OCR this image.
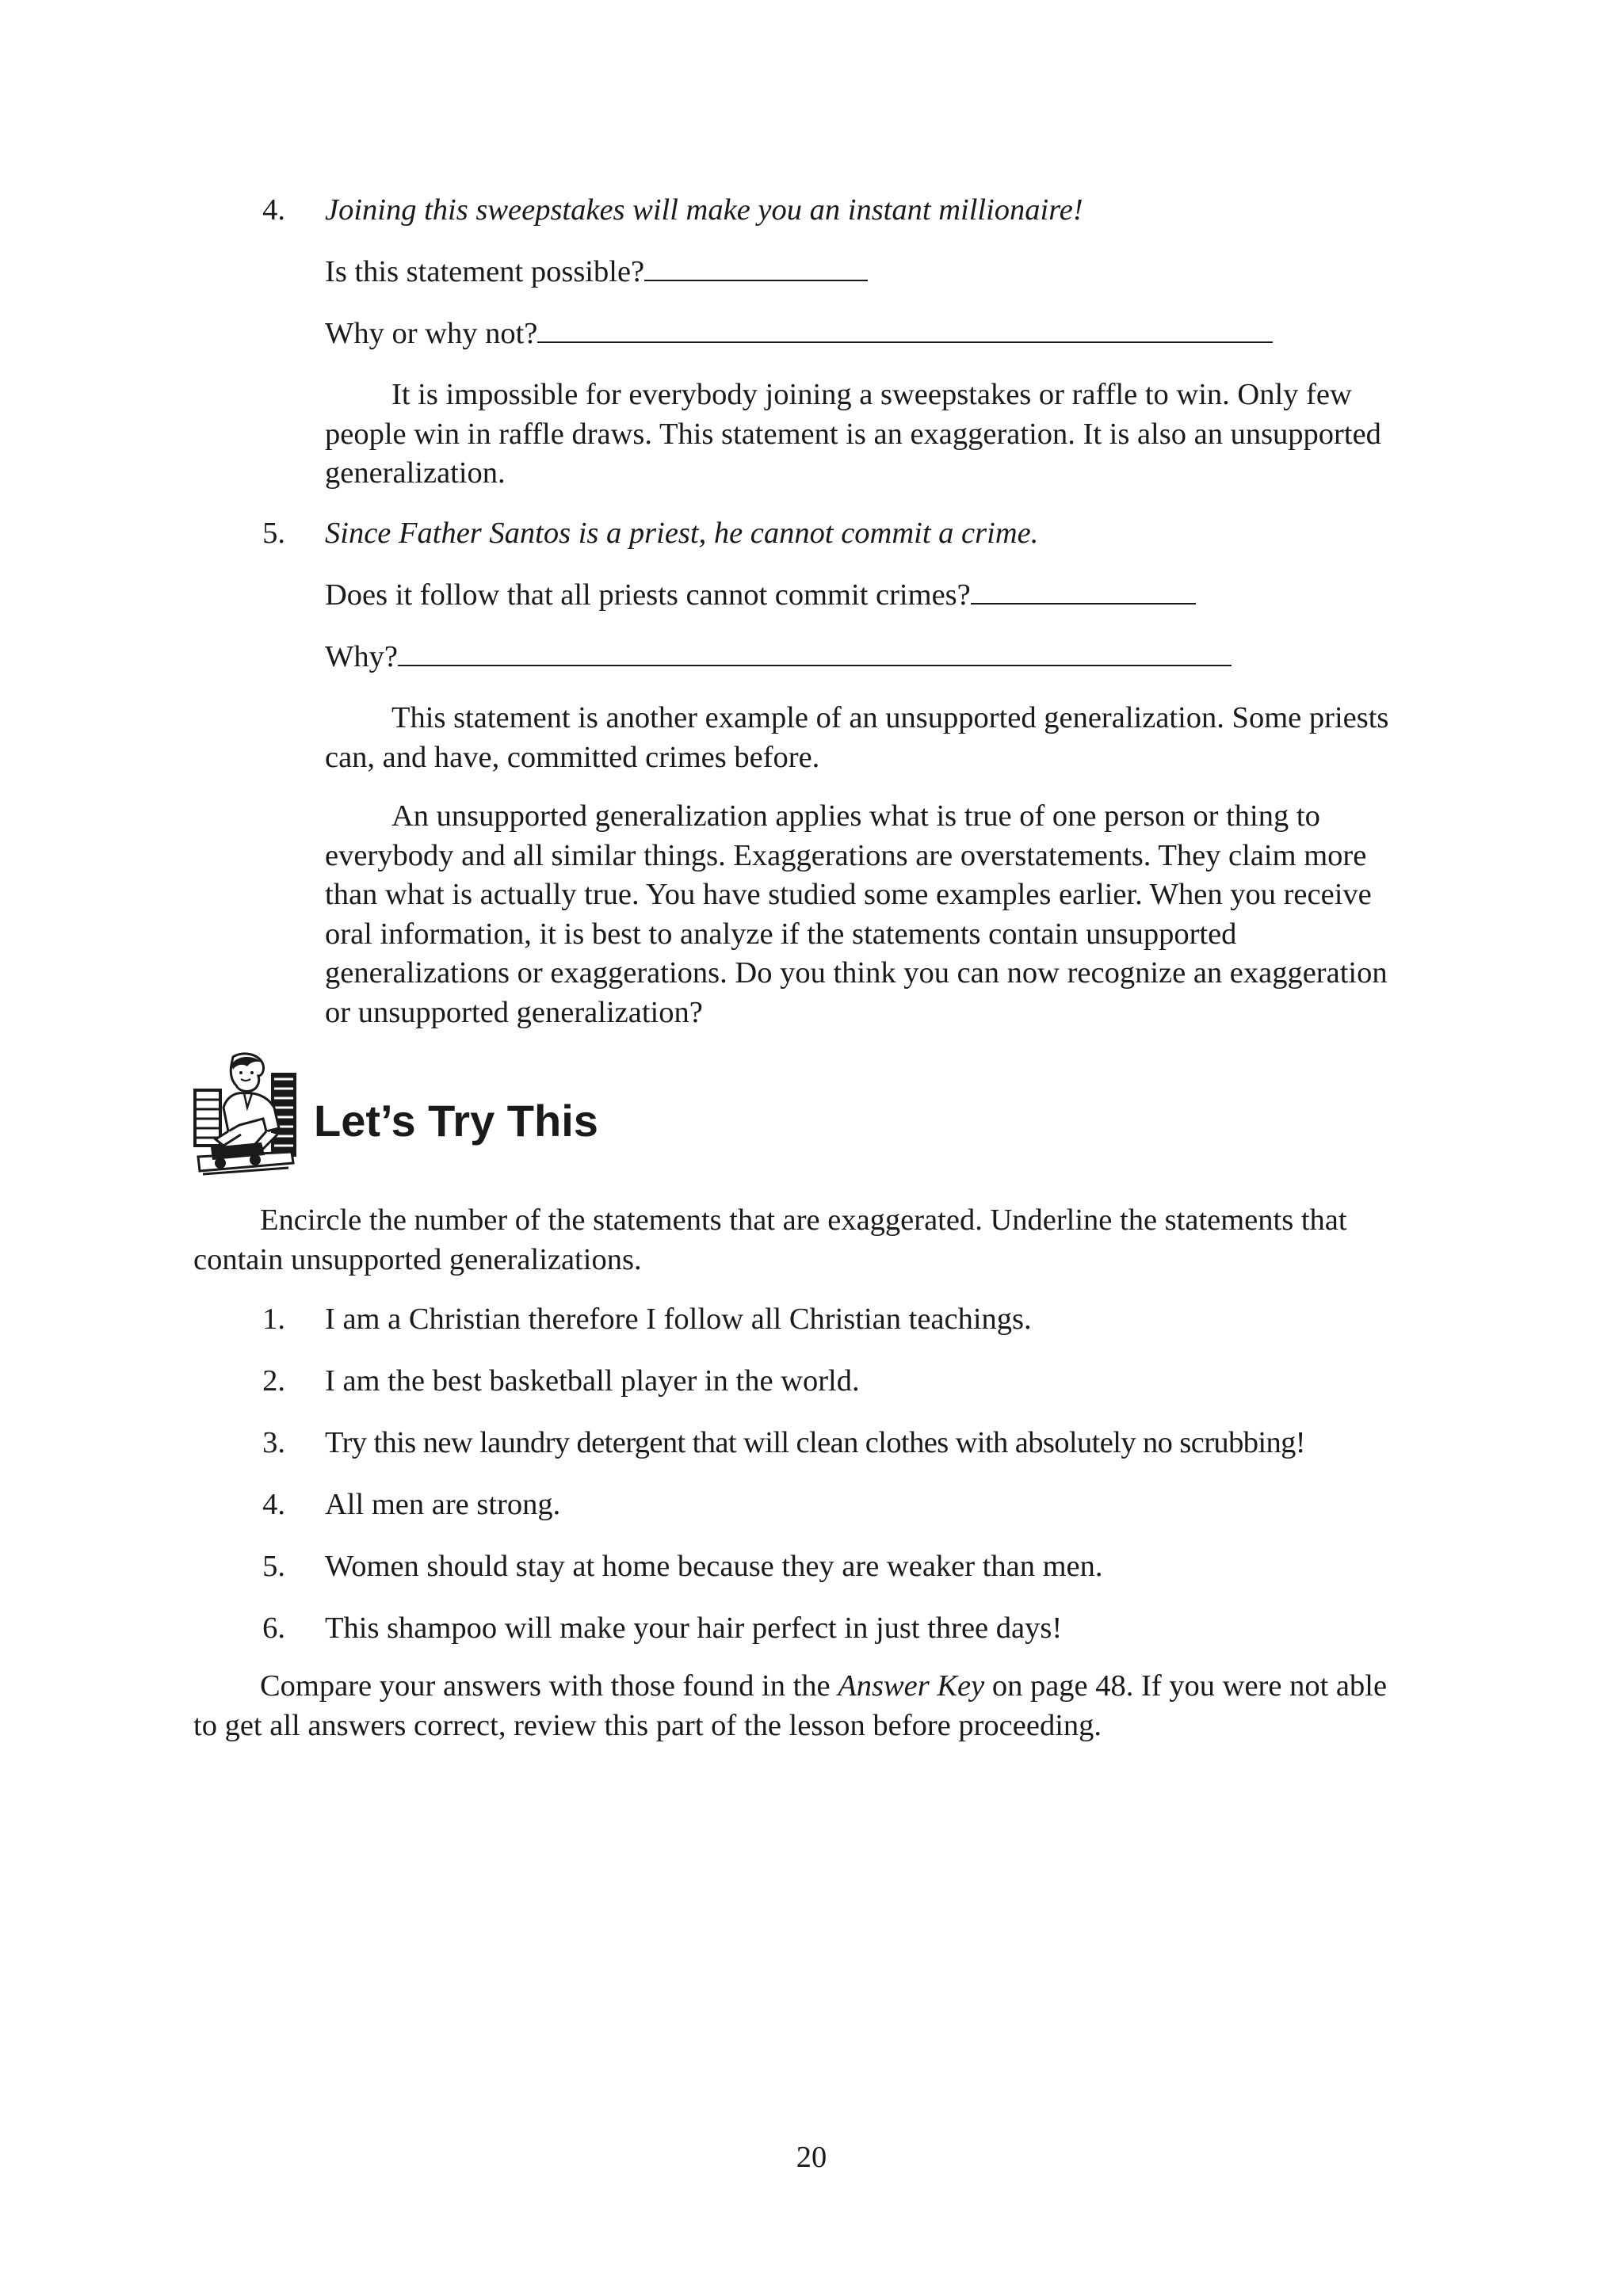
4. Joining this sweepstakes will make you an instant millionaire!
Is this statement possible?
Why or why not?
It is impossible for everybody joining a sweepstakes or raffle to win. Only few people win in raffle draws. This statement is an exaggeration. It is also an unsupported generalization.
5. Since Father Santos is a priest, he cannot commit a crime.
Does it follow that all priests cannot commit crimes?
Why?
This statement is another example of an unsupported generalization. Some priests can, and have, committed crimes before.
An unsupported generalization applies what is true of one person or thing to everybody and all similar things. Exaggerations are overstatements. They claim more than what is actually true. You have studied some examples earlier. When you receive oral information, it is best to analyze if the statements contain unsupported generalizations or exaggerations. Do you think you can now recognize an exaggeration or unsupported generalization?
Let’s Try This
Encircle the number of the statements that are exaggerated. Underline the statements that contain unsupported generalizations.
1. I am a Christian therefore I follow all Christian teachings.
2. I am the best basketball player in the world.
3. Try this new laundry detergent that will clean clothes with absolutely no scrubbing!
4. All men are strong.
5. Women should stay at home because they are weaker than men.
6. This shampoo will make your hair perfect in just three days!
Compare your answers with those found in the Answer Key on page 48. If you were not able to get all answers correct, review this part of the lesson before proceeding.
20
